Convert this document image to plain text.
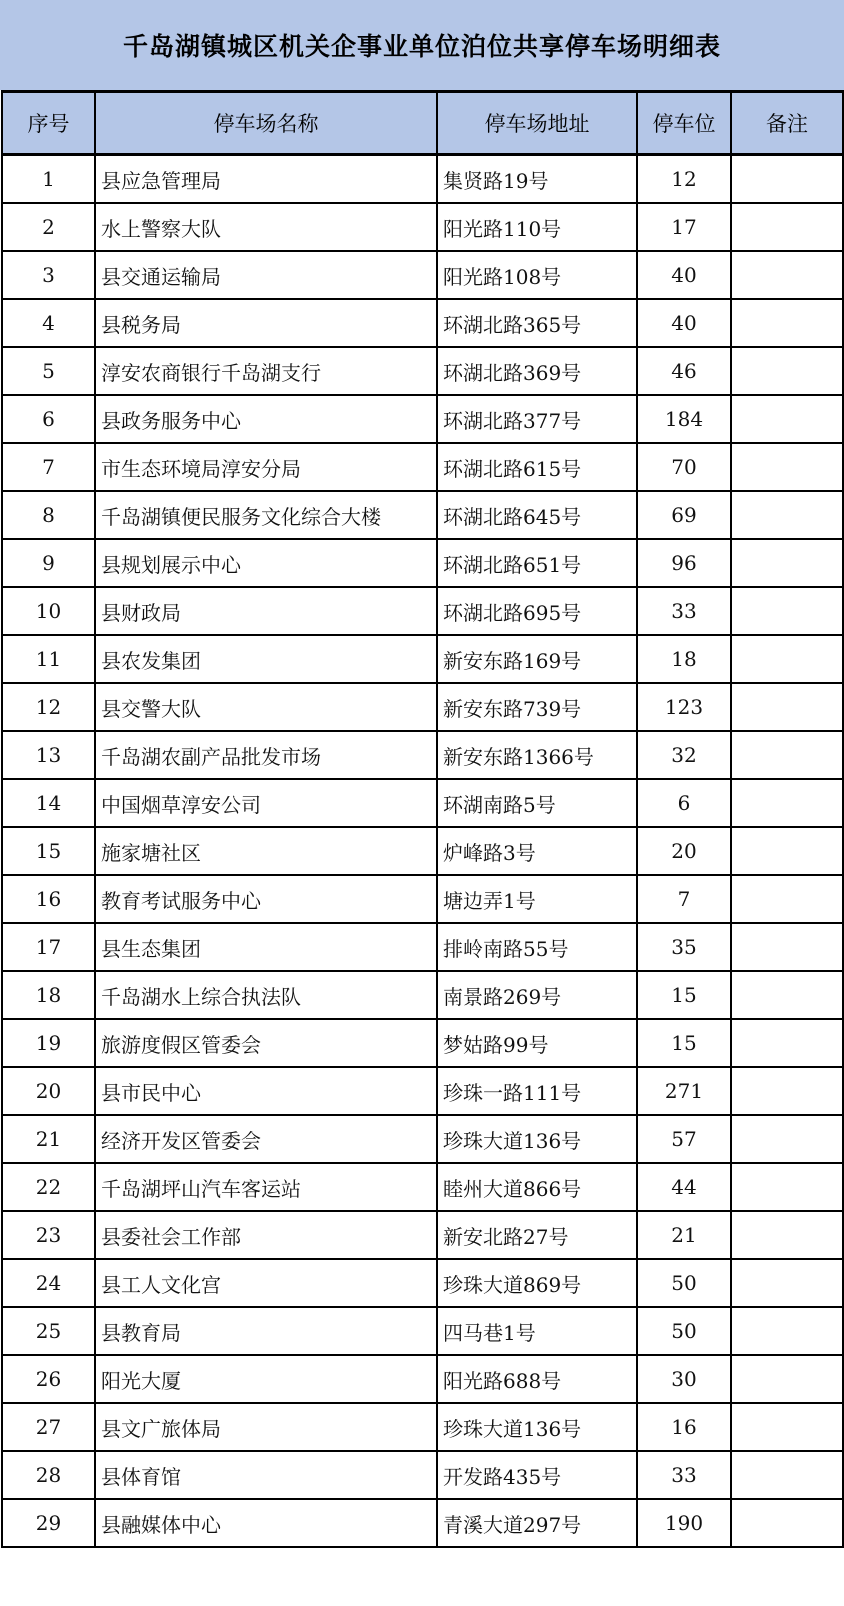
千岛湖镇城区机关企事业单位泊位共享停车场明细表
序号	停车场名称	停车场地址	停车位	备注
1	县应急管理局	集贤路19号	12	
2	水上警察大队	阳光路110号	17	
3	县交通运输局	阳光路108号	40	
4	县税务局	环湖北路365号	40	
5	淳安农商银行千岛湖支行	环湖北路369号	46	
6	县政务服务中心	环湖北路377号	184	
7	市生态环境局淳安分局	环湖北路615号	70	
8	千岛湖镇便民服务文化综合大楼	环湖北路645号	69	
9	县规划展示中心	环湖北路651号	96	
10	县财政局	环湖北路695号	33	
11	县农发集团	新安东路169号	18	
12	县交警大队	新安东路739号	123	
13	千岛湖农副产品批发市场	新安东路1366号	32	
14	中国烟草淳安公司	环湖南路5号	6	
15	施家塘社区	炉峰路3号	20	
16	教育考试服务中心	塘边弄1号	7	
17	县生态集团	排岭南路55号	35	
18	千岛湖水上综合执法队	南景路269号	15	
19	旅游度假区管委会	梦姑路99号	15	
20	县市民中心	珍珠一路111号	271	
21	经济开发区管委会	珍珠大道136号	57	
22	千岛湖坪山汽车客运站	睦州大道866号	44	
23	县委社会工作部	新安北路27号	21	
24	县工人文化宫	珍珠大道869号	50	
25	县教育局	四马巷1号	50	
26	阳光大厦	阳光路688号	30	
27	县文广旅体局	珍珠大道136号	16	
28	县体育馆	开发路435号	33	
29	县融媒体中心	青溪大道297号	190	
